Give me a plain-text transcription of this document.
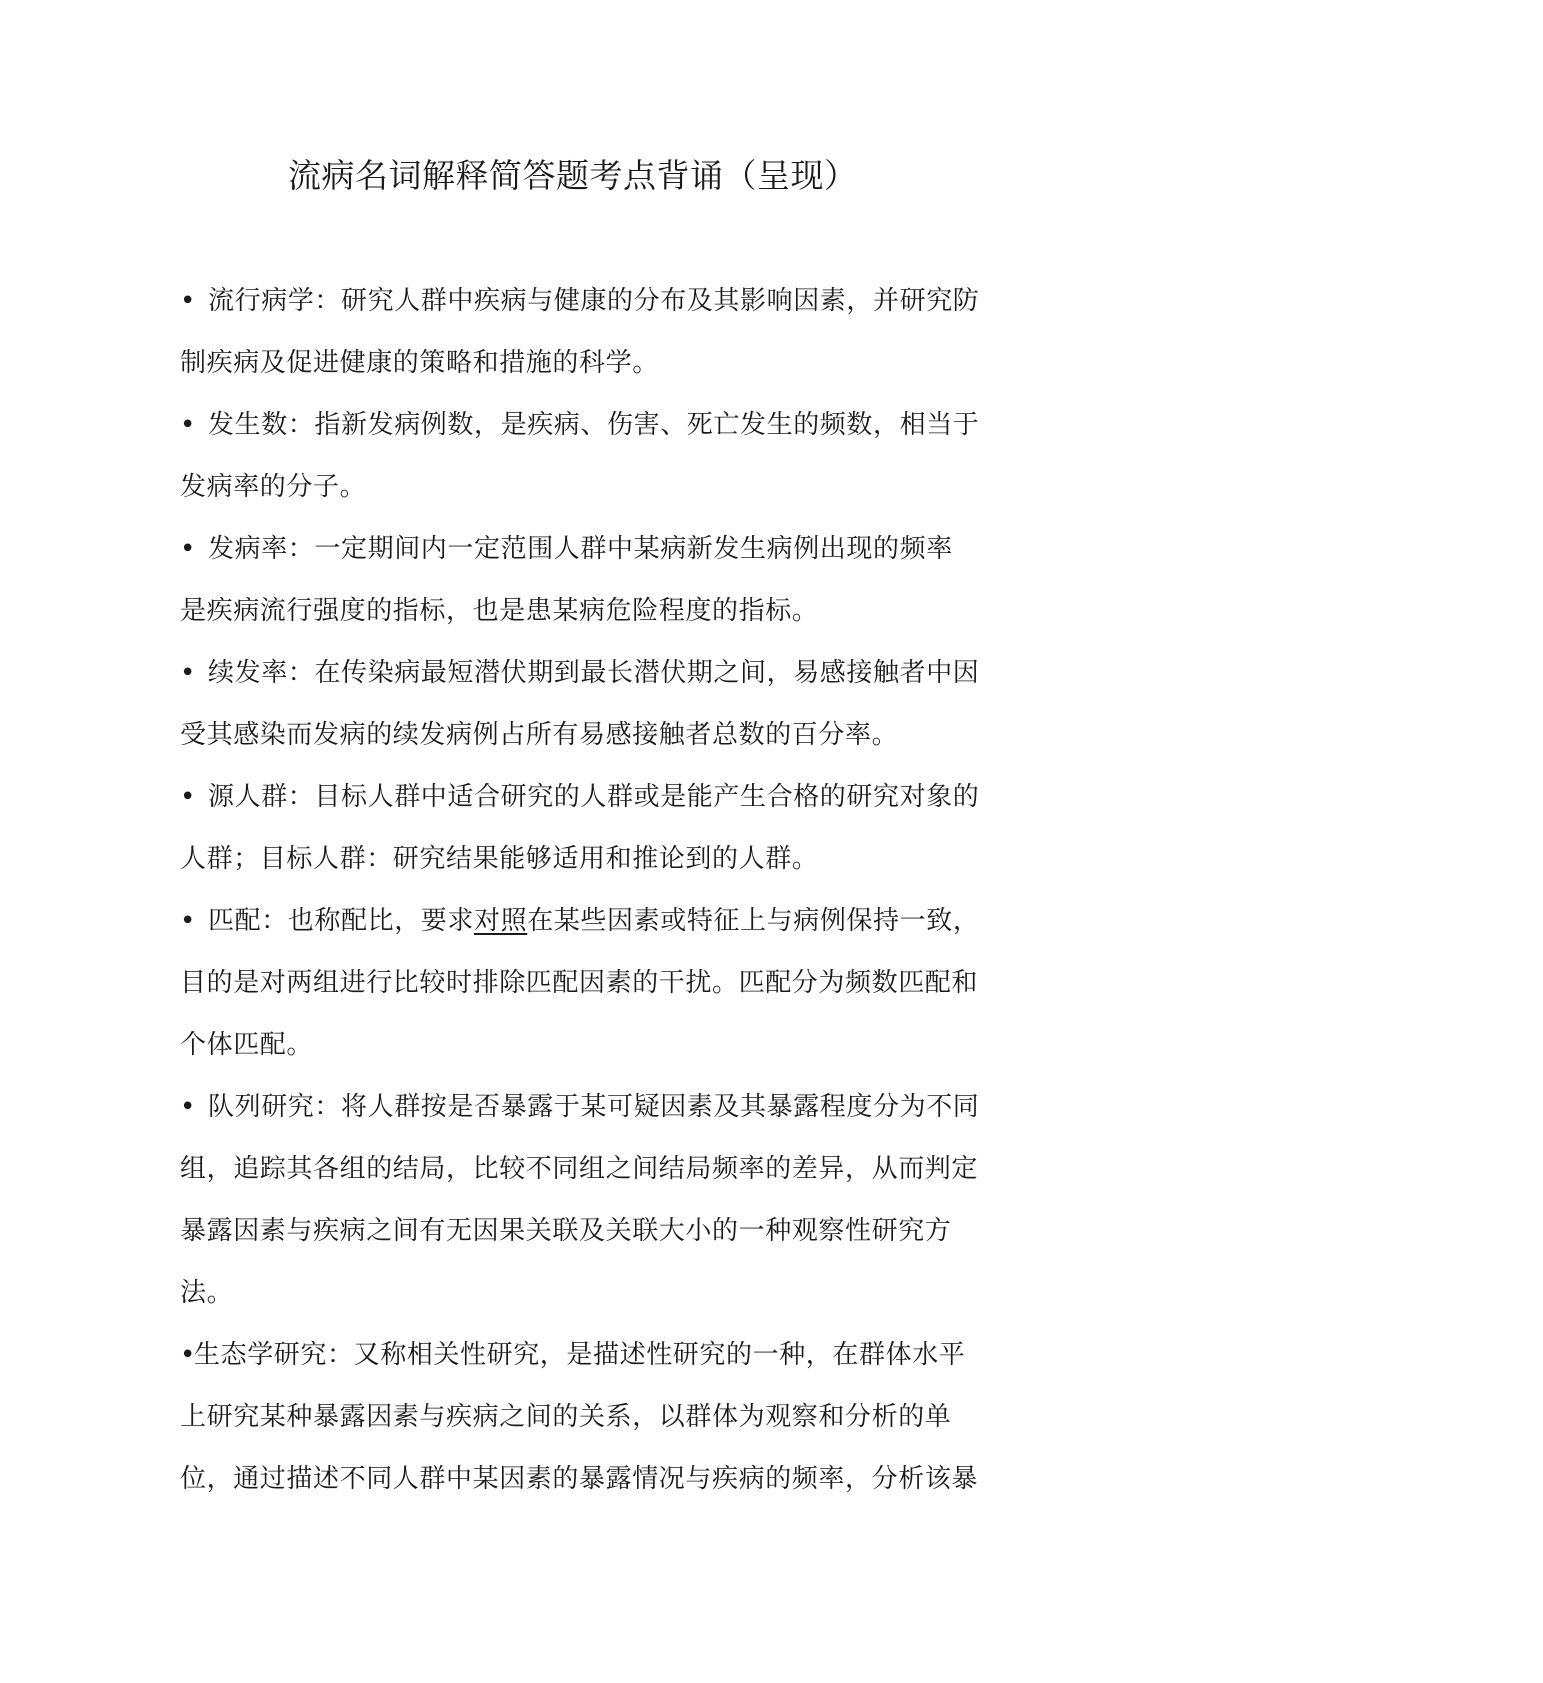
流病名词解释简答题考点背诵（呈现）
• 流行病学：研究人群中疾病与健康的分布及其影响因素，并研究防
制疾病及促进健康的策略和措施的科学。
• 发生数：指新发病例数，是疾病、伤害、死亡发生的频数，相当于
发病率的分子。
• 发病率：一定期间内一定范围人群中某病新发生病例出现的频率
是疾病流行强度的指标，也是患某病危险程度的指标。
• 续发率：在传染病最短潜伏期到最长潜伏期之间，易感接触者中因
受其感染而发病的续发病例占所有易感接触者总数的百分率。
• 源人群：目标人群中适合研究的人群或是能产生合格的研究对象的
人群；目标人群：研究结果能够适用和推论到的人群。
• 匹配：也称配比，要求对照在某些因素或特征上与病例保持一致，
目的是对两组进行比较时排除匹配因素的干扰。匹配分为频数匹配和
个体匹配。
• 队列研究：将人群按是否暴露于某可疑因素及其暴露程度分为不同
组，追踪其各组的结局，比较不同组之间结局频率的差异，从而判定
暴露因素与疾病之间有无因果关联及关联大小的一种观察性研究方
法。
•生态学研究：又称相关性研究，是描述性研究的一种，在群体水平
上研究某种暴露因素与疾病之间的关系，以群体为观察和分析的单
位，通过描述不同人群中某因素的暴露情况与疾病的频率，分析该暴
